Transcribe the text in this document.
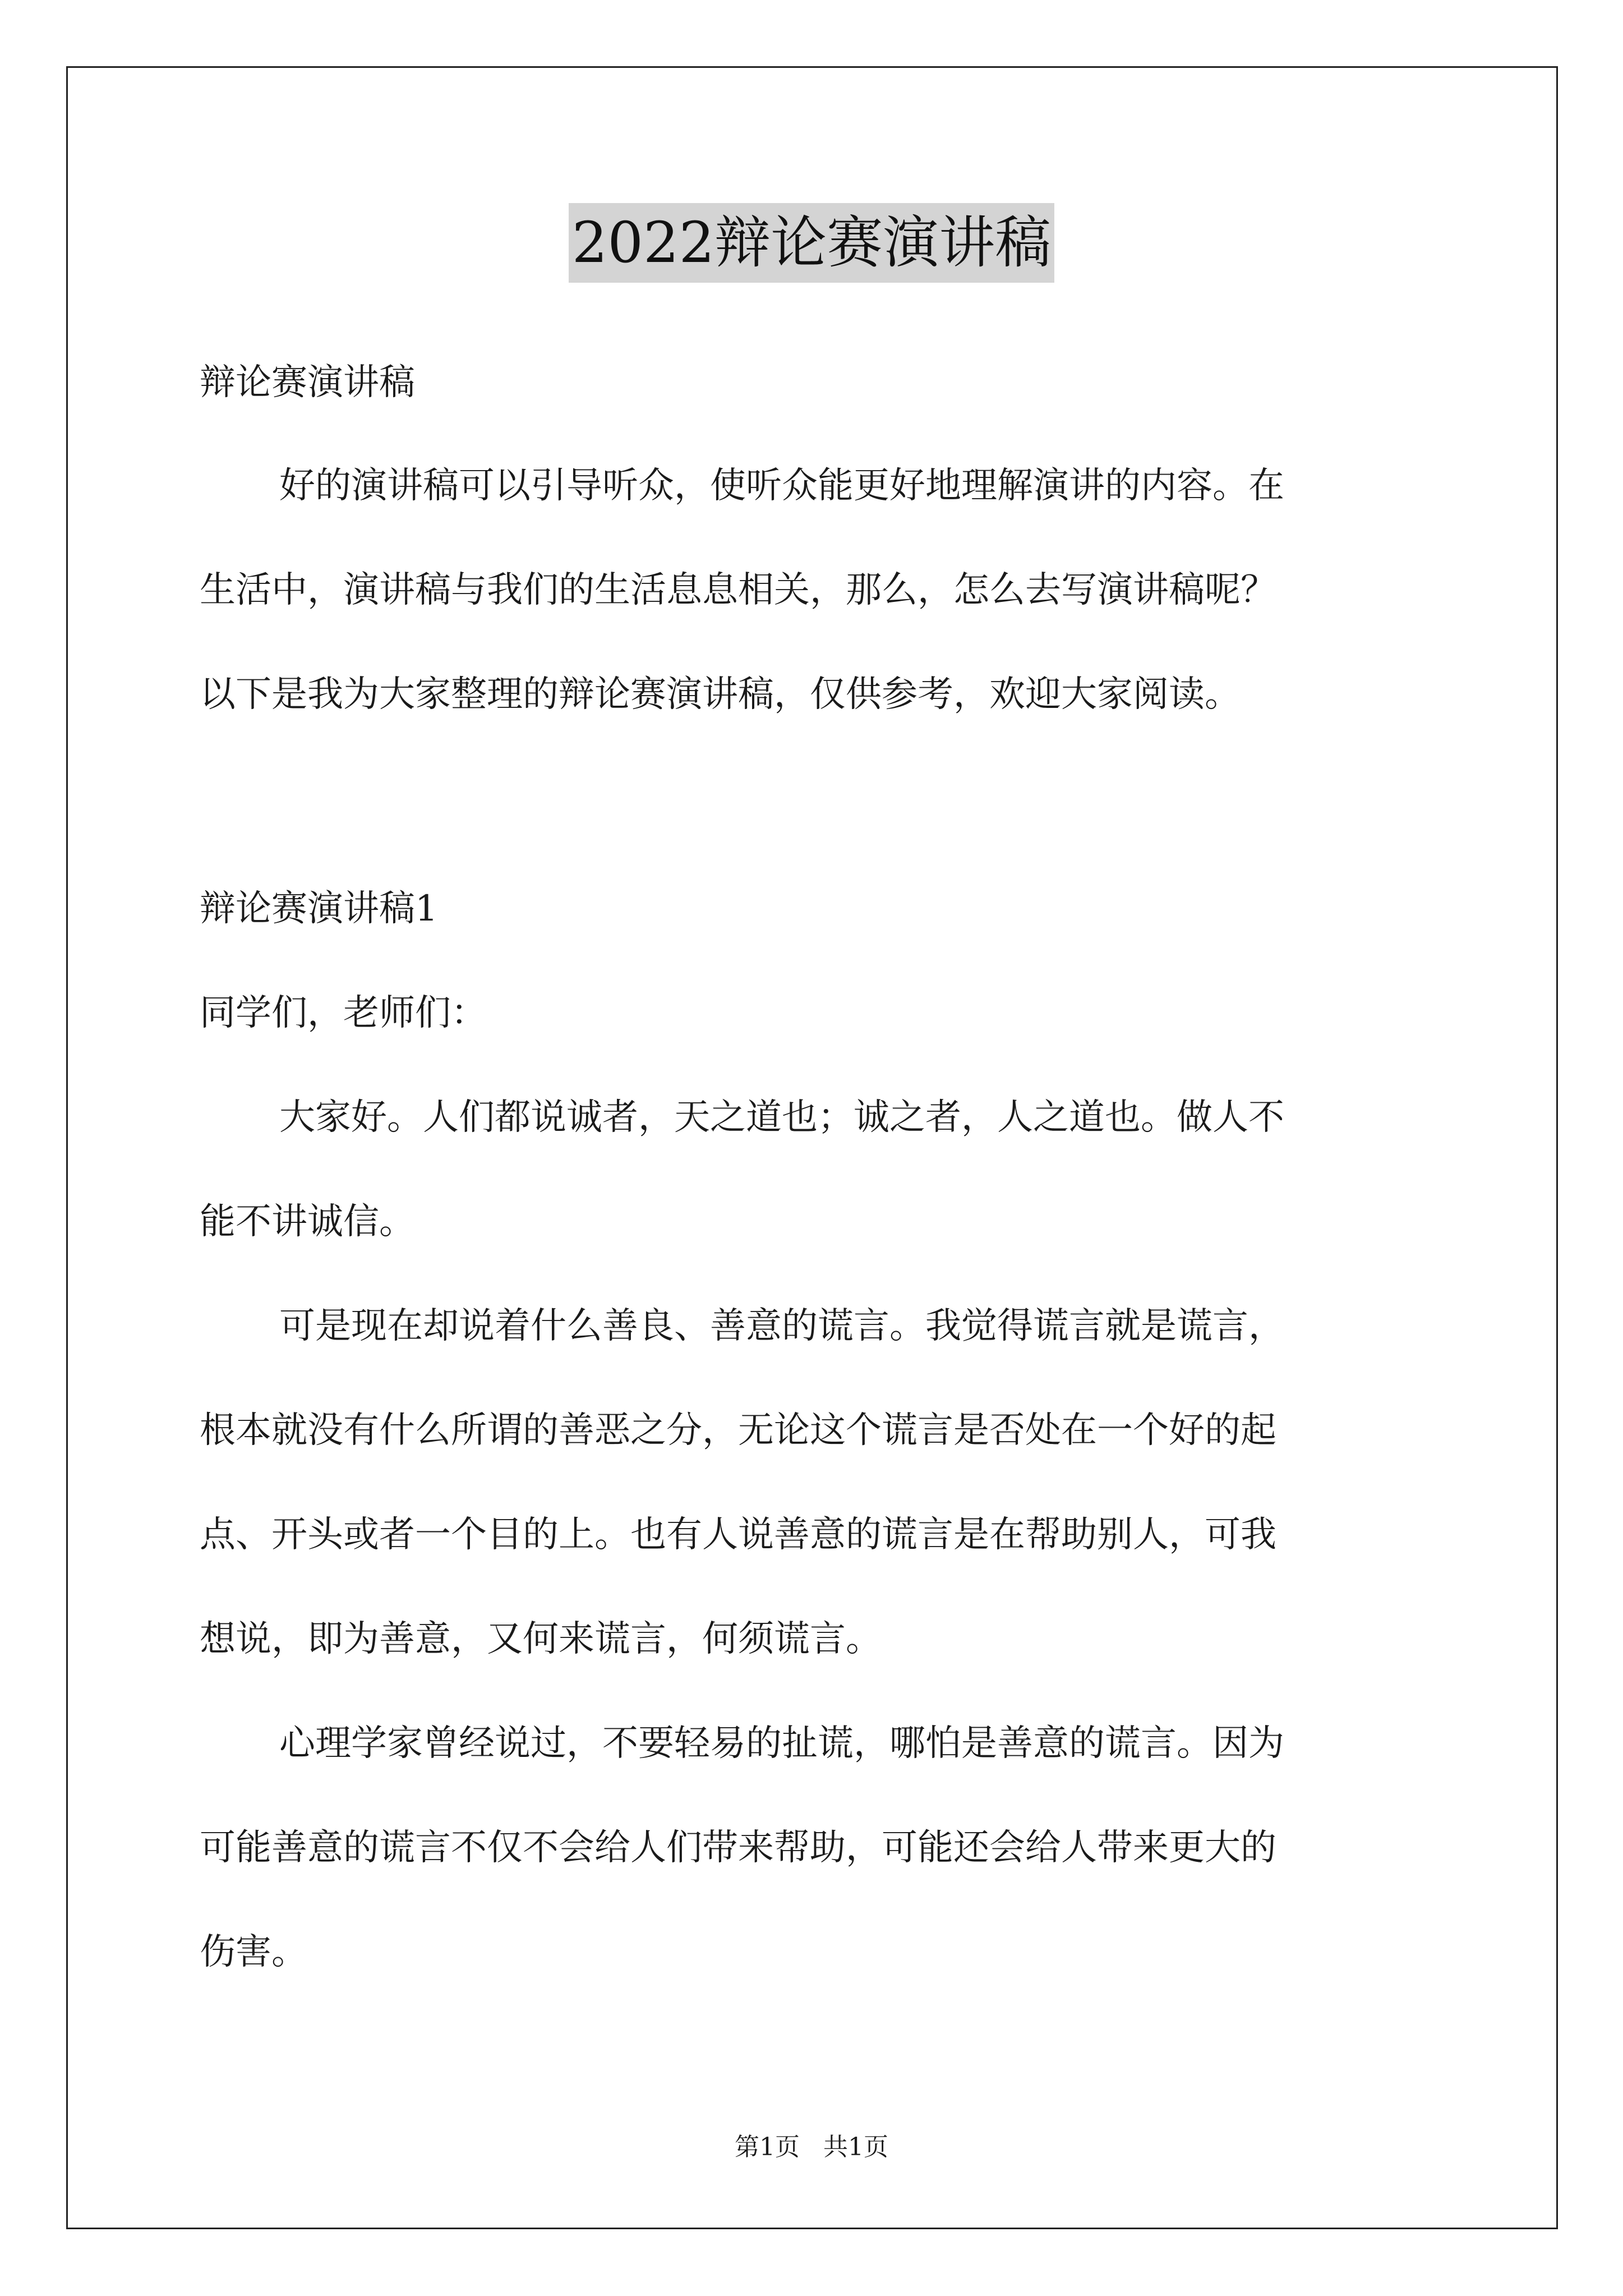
2022辩论赛演讲稿
辩论赛演讲稿
好的演讲稿可以引导听众，使听众能更好地理解演讲的内容。在
生活中，演讲稿与我们的生活息息相关，那么，怎么去写演讲稿呢？
以下是我为大家整理的辩论赛演讲稿，仅供参考，欢迎大家阅读。
辩论赛演讲稿1
同学们，老师们：
大家好。人们都说诚者，天之道也；诚之者，人之道也。做人不
能不讲诚信。
可是现在却说着什么善良、善意的谎言。我觉得谎言就是谎言，
根本就没有什么所谓的善恶之分，无论这个谎言是否处在一个好的起
点、开头或者一个目的上。也有人说善意的谎言是在帮助别人，可我
想说，即为善意，又何来谎言，何须谎言。
心理学家曾经说过，不要轻易的扯谎，哪怕是善意的谎言。因为
可能善意的谎言不仅不会给人们带来帮助，可能还会给人带来更大的
伤害。
第1页   共1页
